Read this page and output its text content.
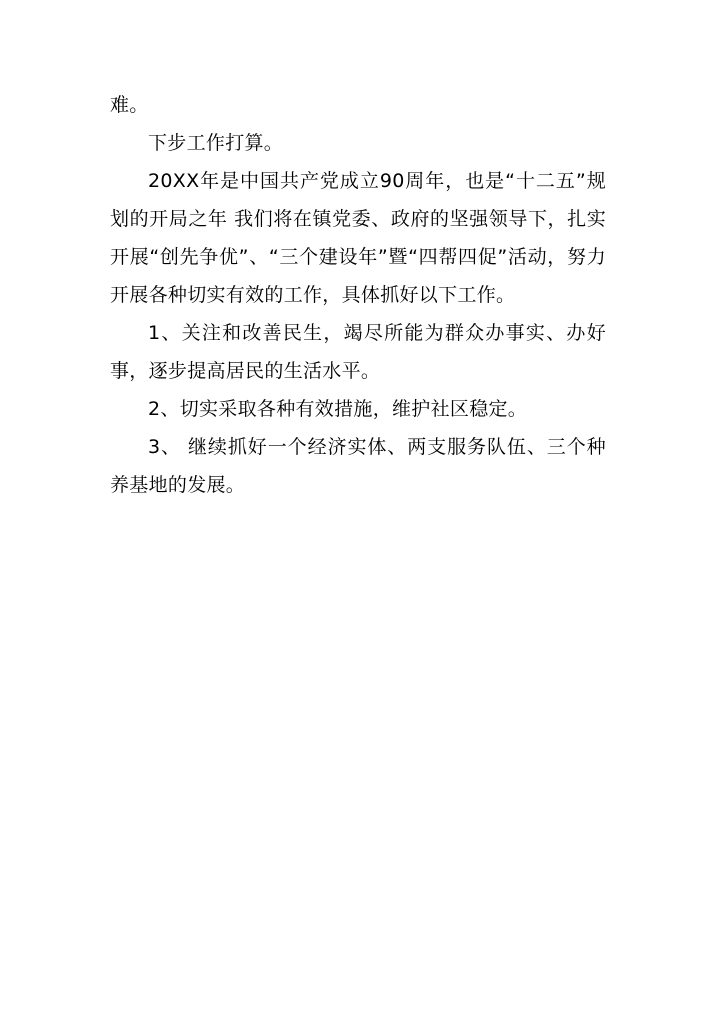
难。

下步工作打算。

20XX年是中国共产党成立90周年，也是“十二五”规划的开局之年 我们将在镇党委、政府的坚强领导下，扎实开展“创先争优”、“三个建设年”暨“四帮四促”活动，努力开展各种切实有效的工作，具体抓好以下工作。

1、关注和改善民生，竭尽所能为群众办事实、办好事，逐步提高居民的生活水平。

2、切实采取各种有效措施，维护社区稳定。

3、 继续抓好一个经济实体、两支服务队伍、三个种养基地的发展。
